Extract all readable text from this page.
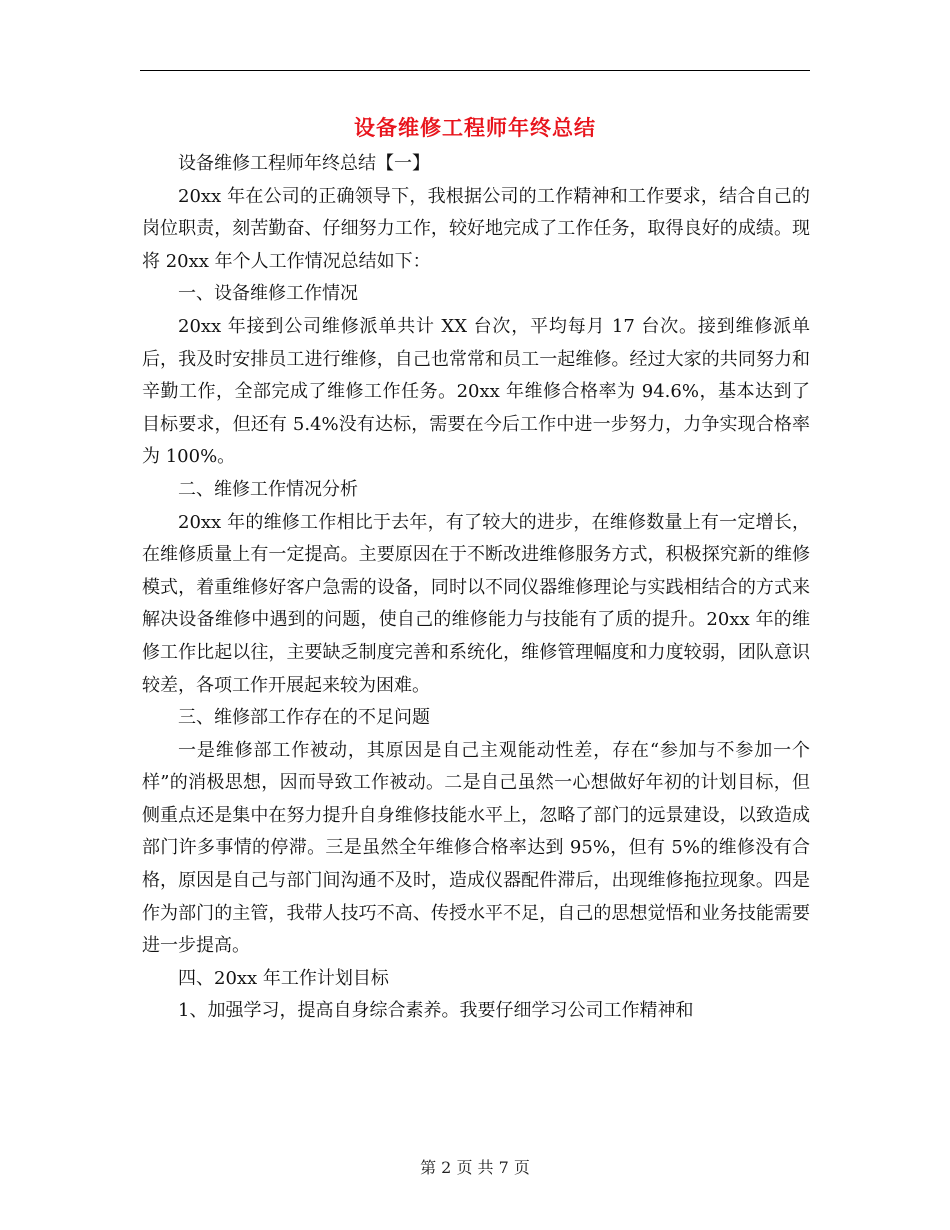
设备维修工程师年终总结

设备维修工程师年终总结【一】

20xx 年在公司的正确领导下，我根据公司的工作精神和工作要求，结合自己的岗位职责，刻苦勤奋、仔细努力工作，较好地完成了工作任务，取得良好的成绩。现将 20xx 年个人工作情况总结如下：

一、设备维修工作情况

20xx 年接到公司维修派单共计 XX 台次，平均每月 17 台次。接到维修派单后，我及时安排员工进行维修，自己也常常和员工一起维修。经过大家的共同努力和辛勤工作，全部完成了维修工作任务。20xx 年维修合格率为 94.6%，基本达到了目标要求，但还有 5.4%没有达标，需要在今后工作中进一步努力，力争实现合格率为 100%。

二、维修工作情况分析

20xx 年的维修工作相比于去年，有了较大的进步，在维修数量上有一定增长，在维修质量上有一定提高。主要原因在于不断改进维修服务方式，积极探究新的维修模式，着重维修好客户急需的设备，同时以不同仪器维修理论与实践相结合的方式来解决设备维修中遇到的问题，使自己的维修能力与技能有了质的提升。20xx 年的维修工作比起以往，主要缺乏制度完善和系统化，维修管理幅度和力度较弱，团队意识较差，各项工作开展起来较为困难。

三、维修部工作存在的不足问题

一是维修部工作被动，其原因是自己主观能动性差，存在“参加与不参加一个样”的消极思想，因而导致工作被动。二是自己虽然一心想做好年初的计划目标，但侧重点还是集中在努力提升自身维修技能水平上，忽略了部门的远景建设，以致造成部门许多事情的停滞。三是虽然全年维修合格率达到 95%，但有 5%的维修没有合格，原因是自己与部门间沟通不及时，造成仪器配件滞后，出现维修拖拉现象。四是作为部门的主管，我带人技巧不高、传授水平不足，自己的思想觉悟和业务技能需要进一步提高。

四、20xx 年工作计划目标

1、加强学习，提高自身综合素养。我要仔细学习公司工作精神和

第 2 页 共 7 页
